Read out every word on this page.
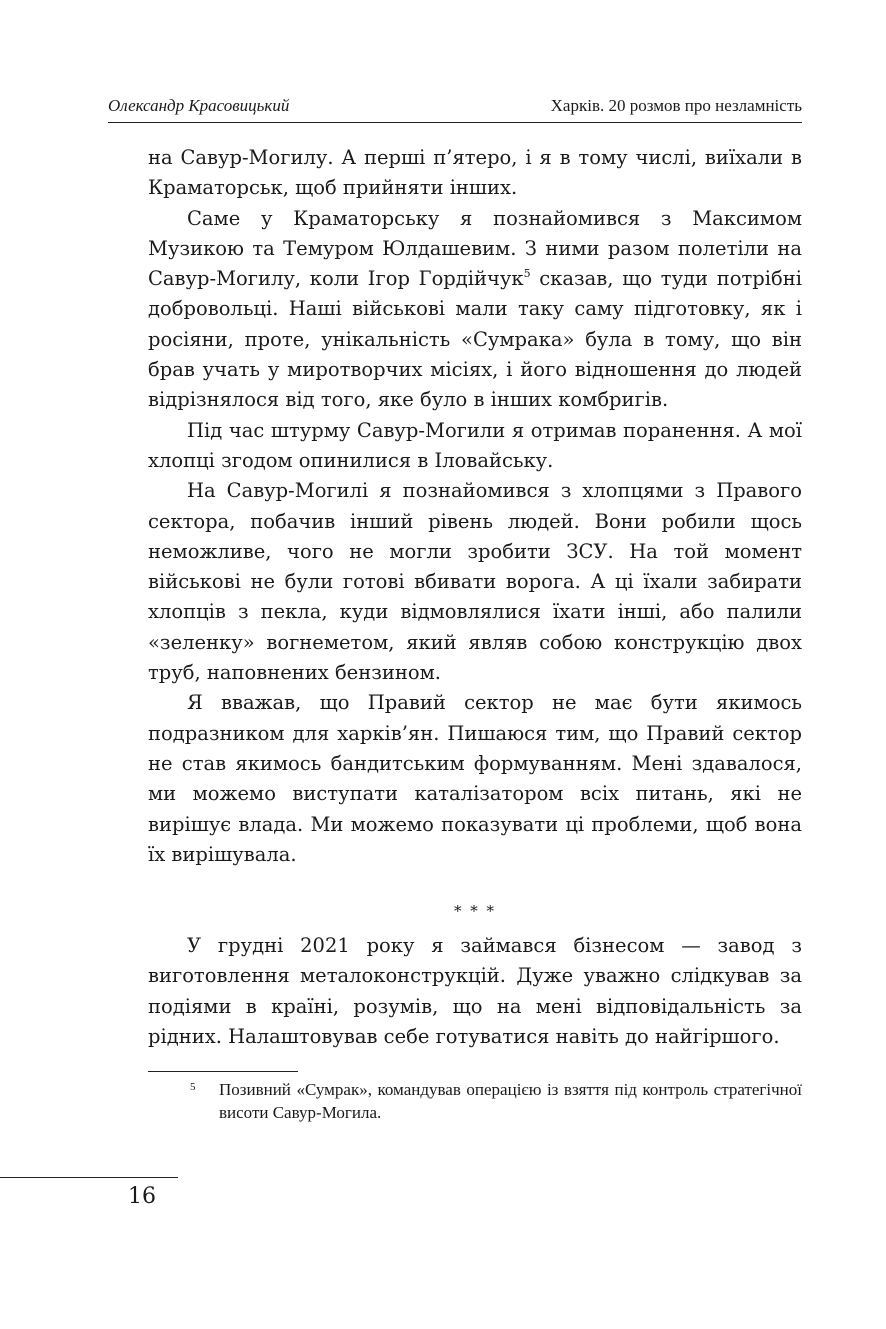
Олександр Красовицький	Харків. 20 розмов про незламність

на Савур-Могилу. А перші п’ятеро, і я в тому числі, виїхали в Краматорськ, щоб прийняти інших.

Саме у Краматорську я познайомився з Максимом Музикою та Темуром Юлдашевим. З ними разом полетіли на Савур-Могилу, коли Ігор Гордійчук$^5$ сказав, що туди потрібні добровольці. Наші військові мали таку саму підготовку, як і росіяни, проте, унікальність «Сумрака» була в тому, що він брав учать у миротворчих місіях, і його відношення до людей відрізнялося від того, яке було в інших комбригів.

Під час штурму Савур-Могили я отримав поранення. А мої хлопці згодом опинилися в Іловайську.

На Савур-Могилі я познайомився з хлопцями з Правого сектора, побачив інший рівень людей. Вони робили щось неможливе, чого не могли зробити ЗСУ. На той момент військові не були готові вбивати ворога. А ці їхали забирати хлопців з пекла, куди відмовлялися їхати інші, або палили «зеленку» вогнеметом, який являв собою конструкцію двох труб, наповнених бензином.

Я вважав, що Правий сектор не має бути якимось подразником для харків’ян. Пишаюся тим, що Правий сектор не став якимось бандитським формуванням. Мені здавалося, ми можемо виступати каталізатором всіх питань, які не вирішує влада. Ми можемо показувати ці проблеми, щоб вона їх вирішувала.

* * *

У грудні 2021 року я займався бізнесом — завод з виготовлення металоконструкцій. Дуже уважно слідкував за подіями в країні, розумів, що на мені відповідальність за рідних. Налаштовував себе готуватися навіть до найгіршого.

5 Позивний «Сумрак», командував операцією із взяття під контроль стратегічної висоти Савур-Могила.
16
